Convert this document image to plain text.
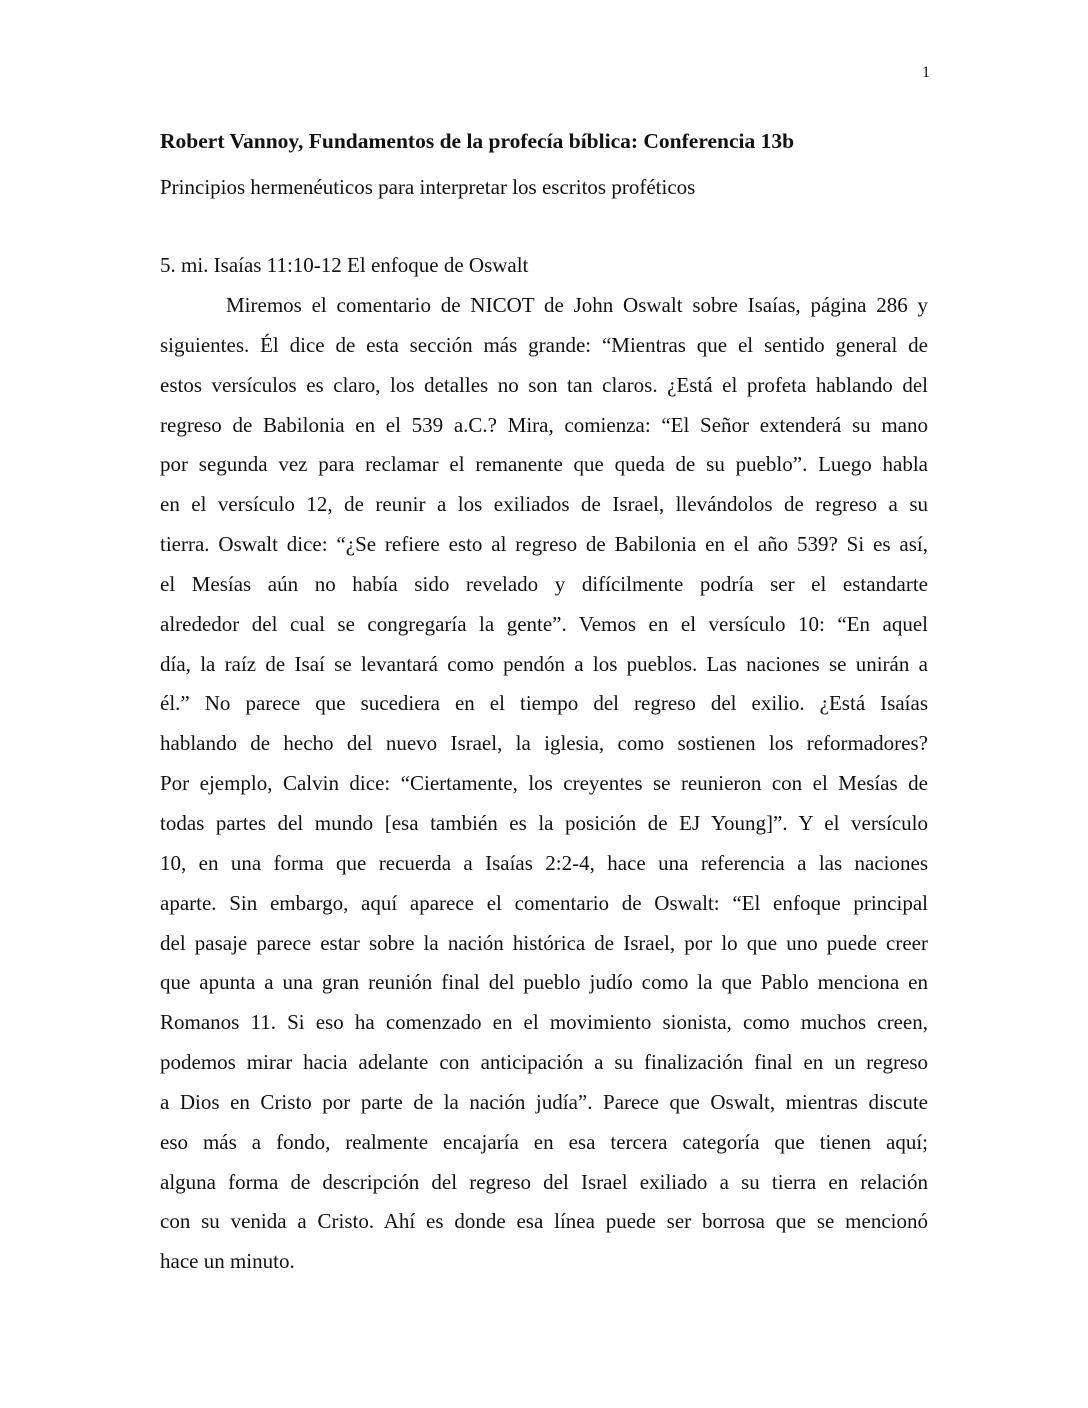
1
Robert Vannoy, Fundamentos de la profecía bíblica: Conferencia 13b
Principios hermenéuticos para interpretar los escritos proféticos
5. mi. Isaías 11:10-12 El enfoque de Oswalt
Miremos el comentario de NICOT de John Oswalt sobre Isaías, página 286 y
siguientes. Él dice de esta sección más grande: “Mientras que el sentido general de
estos versículos es claro, los detalles no son tan claros. ¿Está el profeta hablando del
regreso de Babilonia en el 539 a.C.? Mira, comienza: “El Señor extenderá su mano
por segunda vez para reclamar el remanente que queda de su pueblo”. Luego habla
en el versículo 12, de reunir a los exiliados de Israel, llevándolos de regreso a su
tierra. Oswalt dice: “¿Se refiere esto al regreso de Babilonia en el año 539? Si es así,
el Mesías aún no había sido revelado y difícilmente podría ser el estandarte
alrededor del cual se congregaría la gente”. Vemos en el versículo 10: “En aquel
día, la raíz de Isaí se levantará como pendón a los pueblos. Las naciones se unirán a
él.” No parece que sucediera en el tiempo del regreso del exilio. ¿Está Isaías
hablando de hecho del nuevo Israel, la iglesia, como sostienen los reformadores?
Por ejemplo, Calvin dice: “Ciertamente, los creyentes se reunieron con el Mesías de
todas partes del mundo [esa también es la posición de EJ Young]”. Y el versículo
10, en una forma que recuerda a Isaías 2:2-4, hace una referencia a las naciones
aparte. Sin embargo, aquí aparece el comentario de Oswalt: “El enfoque principal
del pasaje parece estar sobre la nación histórica de Israel, por lo que uno puede creer
que apunta a una gran reunión final del pueblo judío como la que Pablo menciona en
Romanos 11. Si eso ha comenzado en el movimiento sionista, como muchos creen,
podemos mirar hacia adelante con anticipación a su finalización final en un regreso
a Dios en Cristo por parte de la nación judía”. Parece que Oswalt, mientras discute
eso más a fondo, realmente encajaría en esa tercera categoría que tienen aquí;
alguna forma de descripción del regreso del Israel exiliado a su tierra en relación
con su venida a Cristo. Ahí es donde esa línea puede ser borrosa que se mencionó
hace un minuto.
